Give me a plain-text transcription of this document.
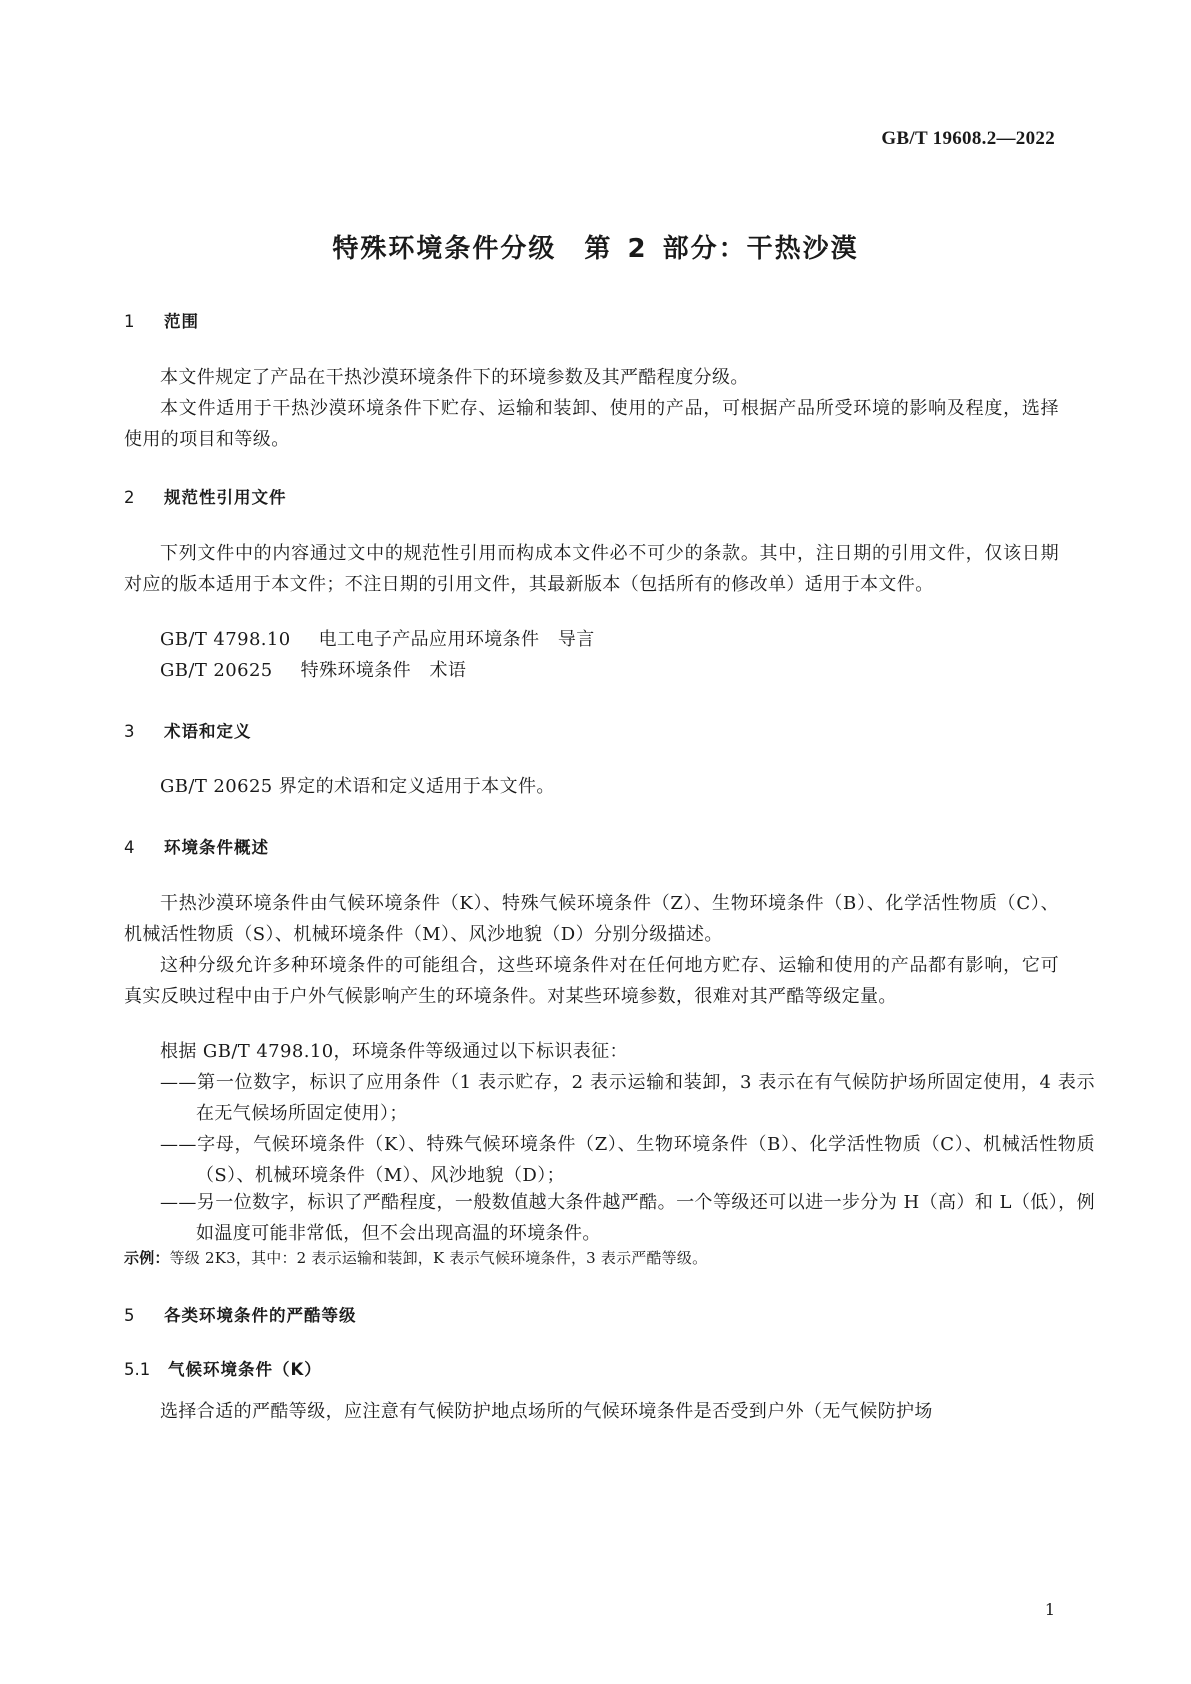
GB/T 19608.2—2022
特殊环境条件分级　第 2 部分：干热沙漠
1 范围
本文件规定了产品在干热沙漠环境条件下的环境参数及其严酷程度分级。
本文件适用于干热沙漠环境条件下贮存、运输和装卸、使用的产品，可根据产品所受环境的影响及程度，选择使用的项目和等级。
2 规范性引用文件
下列文件中的内容通过文中的规范性引用而构成本文件必不可少的条款。其中，注日期的引用文件，仅该日期对应的版本适用于本文件；不注日期的引用文件，其最新版本（包括所有的修改单）适用于本文件。
GB/T 4798.10 电工电子产品应用环境条件　导言
GB/T 20625 特殊环境条件　术语
3 术语和定义
GB/T 20625 界定的术语和定义适用于本文件。
4 环境条件概述
干热沙漠环境条件由气候环境条件（K）、特殊气候环境条件（Z）、生物环境条件（B）、化学活性物质（C）、机械活性物质（S）、机械环境条件（M）、风沙地貌（D）分别分级描述。
这种分级允许多种环境条件的可能组合，这些环境条件对在任何地方贮存、运输和使用的产品都有影响，它可真实反映过程中由于户外气候影响产生的环境条件。对某些环境参数，很难对其严酷等级定量。
根据 GB/T 4798.10，环境条件等级通过以下标识表征：
——第一位数字，标识了应用条件（1 表示贮存，2 表示运输和装卸，3 表示在有气候防护场所固定使用，4 表示在无气候场所固定使用）；
——字母，气候环境条件（K）、特殊气候环境条件（Z）、生物环境条件（B）、化学活性物质（C）、机械活性物质（S）、机械环境条件（M）、风沙地貌（D）；
——另一位数字，标识了严酷程度，一般数值越大条件越严酷。一个等级还可以进一步分为 H（高）和 L（低），例如温度可能非常低，但不会出现高温的环境条件。
示例：等级 2K3，其中：2 表示运输和装卸，K 表示气候环境条件，3 表示严酷等级。
5 各类环境条件的严酷等级
5.1 气候环境条件（K）
选择合适的严酷等级，应注意有气候防护地点场所的气候环境条件是否受到户外（无气候防护场
1
